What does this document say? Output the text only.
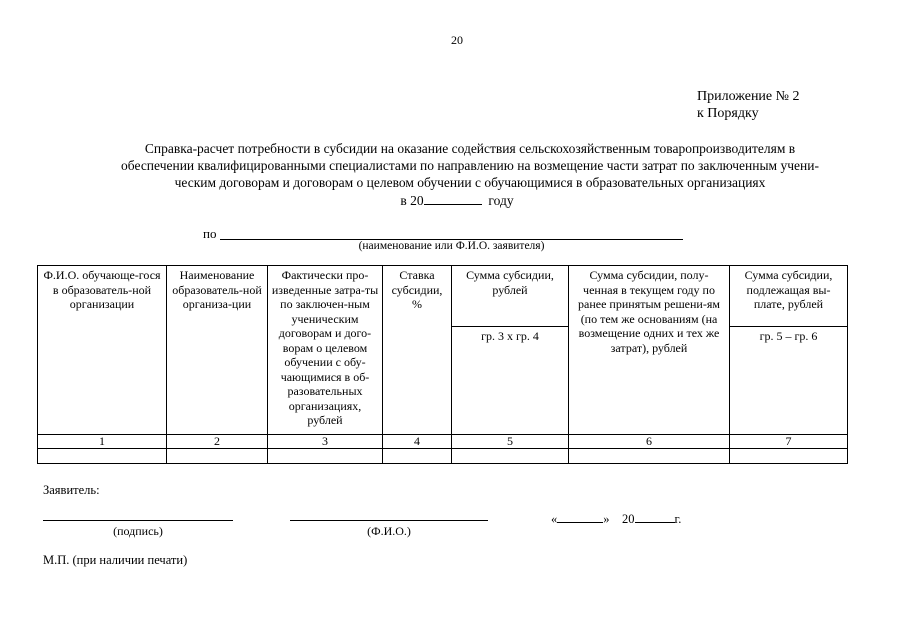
20
Приложение № 2
к Порядку
Справка-расчет потребности в субсидии на оказание содействия сельскохозяйственным товаропроизводителям в
обеспечении квалифицированными специалистами по направлению на возмещение части затрат по заключенным учени-
ческим договорам и договорам о целевом обучении с обучающимися в образовательных организациях
в 20	году
по
(наименование или Ф.И.О. заявителя)
Ф.И.О. обучающе-гося в образователь-ной организации	Наименование образователь-ной организа-ции	Фактически про-изведенные затра-ты по заключен-ным ученическим договорам и дого-ворам о целевом обучении с обу-чающимися в об-разовательных организациях, рублей	Ставка субсидии, %	Сумма субсидии, рублей	Сумма субсидии, полу-ченная в текущем году по ранее принятым решени-ям (по тем же основаниям (на возмещение одних и тех же затрат), рублей	Сумма субсидии, подлежащая вы-плате, рублей
				гр. 3 х гр. 4		гр. 5 – гр. 6
1	2	3	4	5	6	7

Заявитель:
(подпись)	(Ф.И.О.)
«	» 20	г.
М.П. (при наличии печати)
